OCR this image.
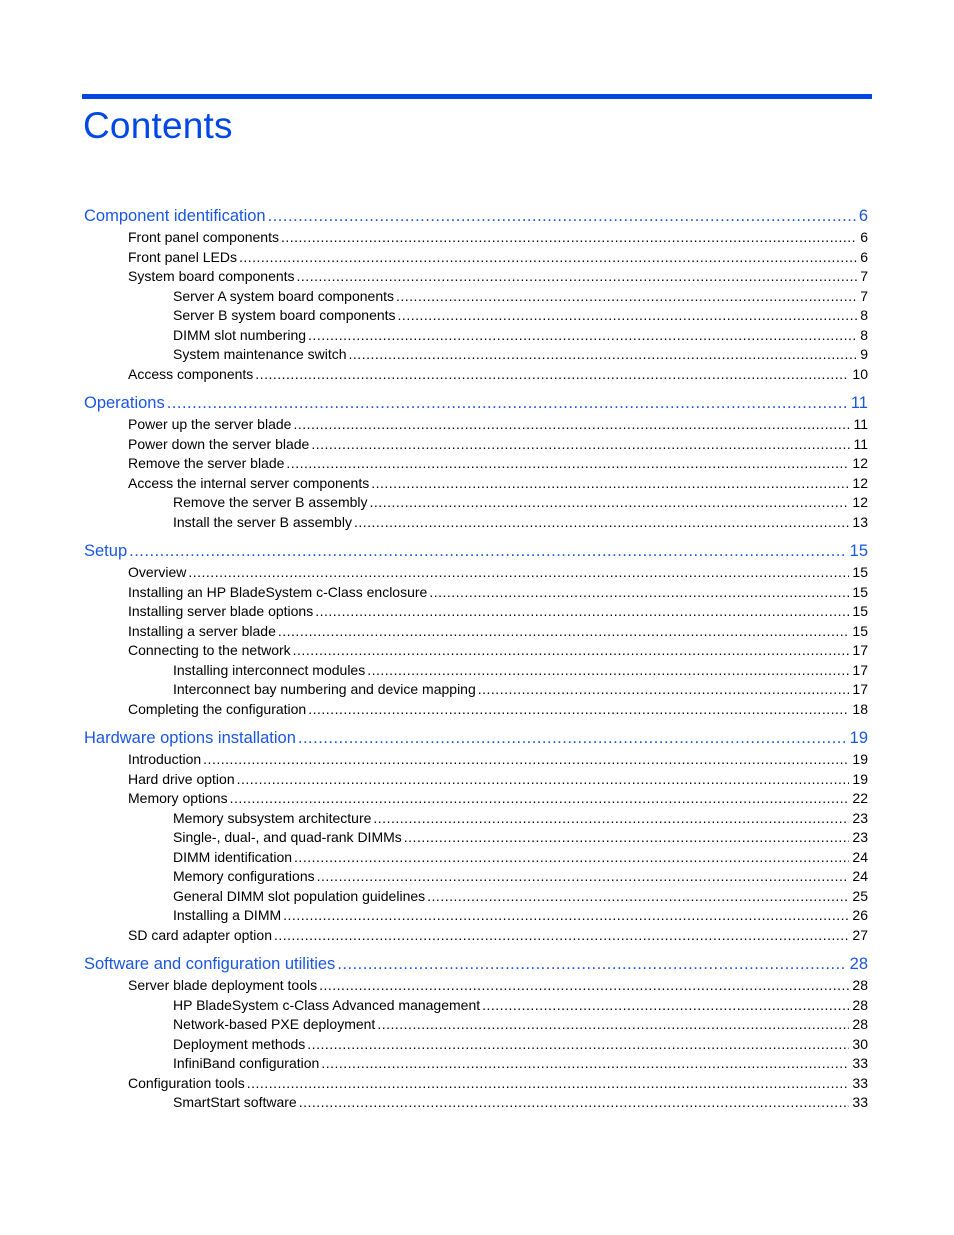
Contents
Component identification .....	6
Front panel components .....	6
Front panel LEDs .....	6
System board components .....	7
Server A system board components .....	7
Server B system board components .....	8
DIMM slot numbering .....	8
System maintenance switch .....	9
Access components .....	10
Operations .....	11
Power up the server blade .....	11
Power down the server blade .....	11
Remove the server blade .....	12
Access the internal server components .....	12
Remove the server B assembly .....	12
Install the server B assembly .....	13
Setup .....	15
Overview .....	15
Installing an HP BladeSystem c-Class enclosure .....	15
Installing server blade options .....	15
Installing a server blade .....	15
Connecting to the network .....	17
Installing interconnect modules .....	17
Interconnect bay numbering and device mapping .....	17
Completing the configuration .....	18
Hardware options installation .....	19
Introduction .....	19
Hard drive option .....	19
Memory options .....	22
Memory subsystem architecture .....	23
Single-, dual-, and quad-rank DIMMs .....	23
DIMM identification .....	24
Memory configurations .....	24
General DIMM slot population guidelines .....	25
Installing a DIMM .....	26
SD card adapter option .....	27
Software and configuration utilities .....	28
Server blade deployment tools .....	28
HP BladeSystem c-Class Advanced management .....	28
Network-based PXE deployment .....	28
Deployment methods .....	30
InfiniBand configuration .....	33
Configuration tools .....	33
SmartStart software .....	33
